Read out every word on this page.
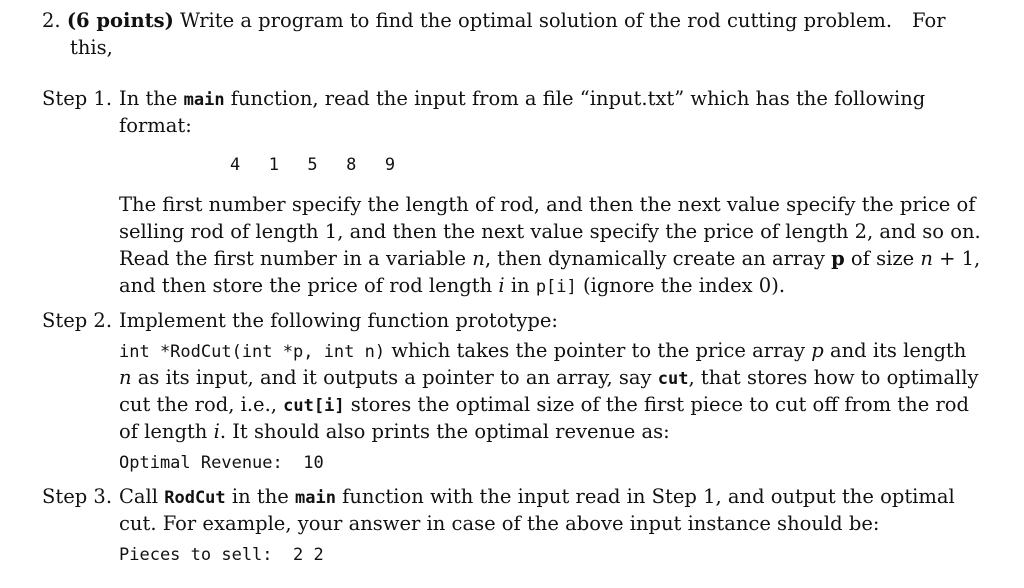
2. (6 points) Write a program to find the optimal solution of the rod cutting problem. For
this,
Step 1. In the main function, read the input from a file “input.txt” which has the following
format:
4  1  5  8  9
The first number specify the length of rod, and then the next value specify the price of
selling rod of length 1, and then the next value specify the price of length 2, and so on.
Read the first number in a variable n, then dynamically create an array p of size n + 1,
and then store the price of rod length i in p[i] (ignore the index 0).
Step 2. Implement the following function prototype:
int *RodCut(int *p, int n) which takes the pointer to the price array p and its length
n as its input, and it outputs a pointer to an array, say cut, that stores how to optimally
cut the rod, i.e., cut[i] stores the optimal size of the first piece to cut off from the rod
of length i. It should also prints the optimal revenue as:
Optimal Revenue:  10
Step 3. Call RodCut in the main function with the input read in Step 1, and output the optimal
cut. For example, your answer in case of the above input instance should be:
Pieces to sell:  2 2
